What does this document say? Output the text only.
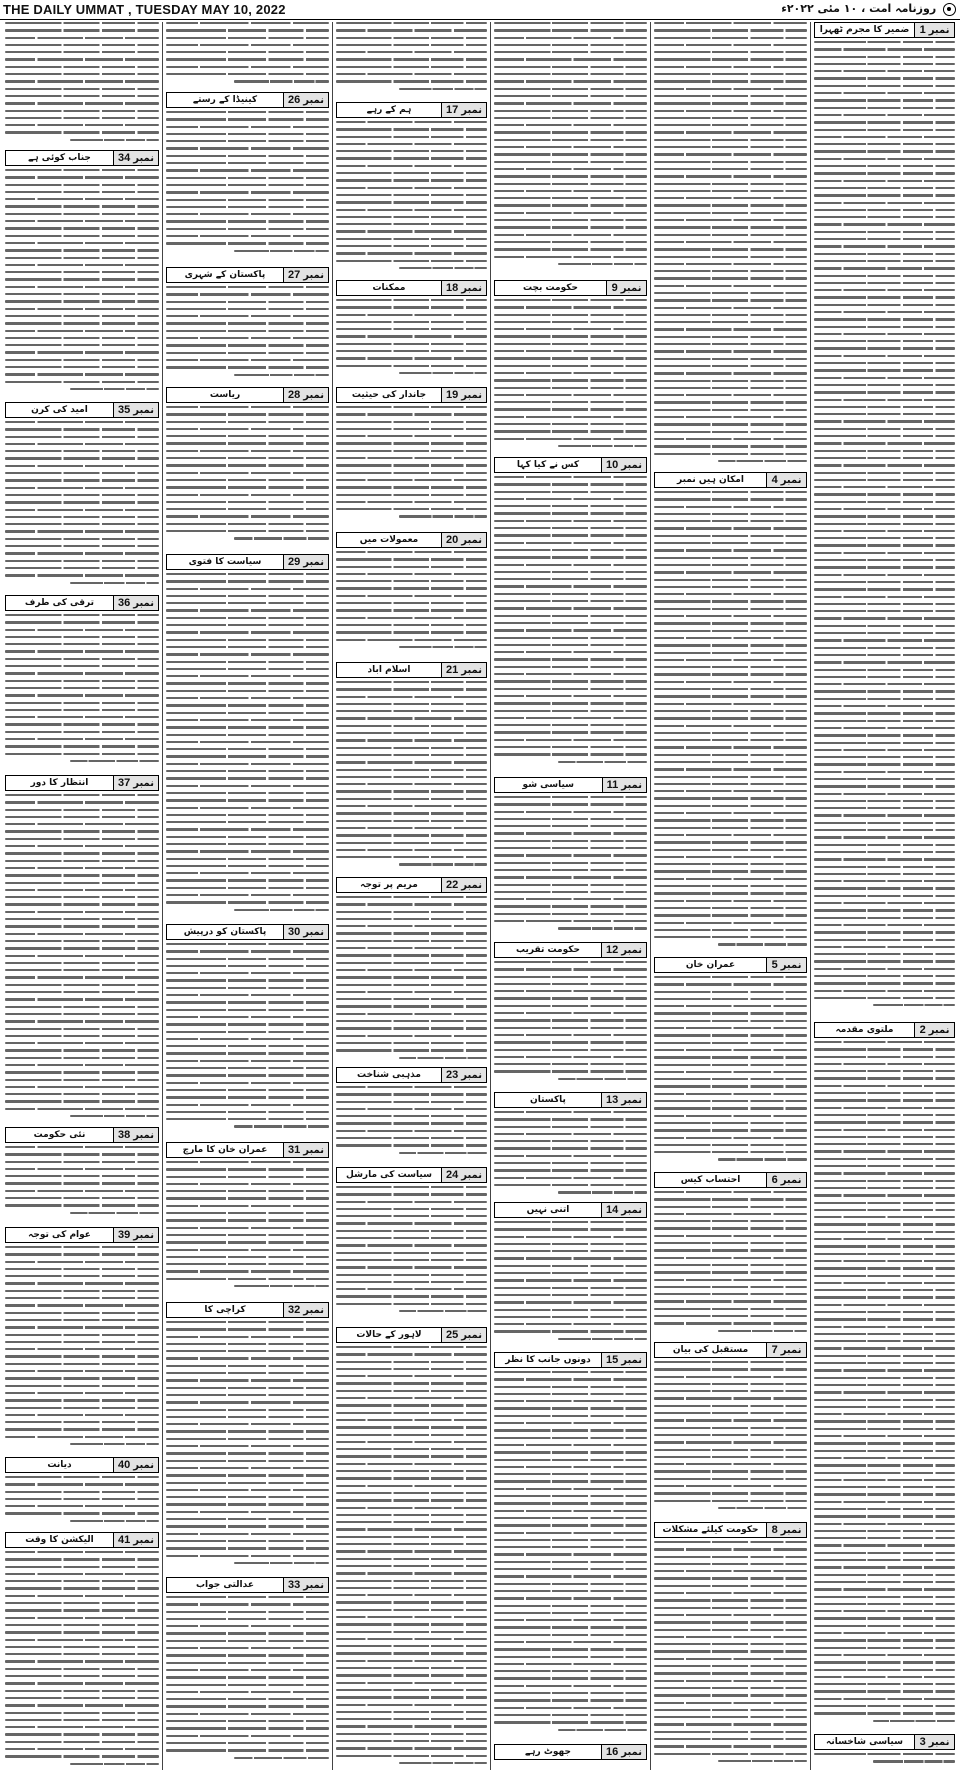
THE DAILY UMMAT , TUESDAY MAY 10, 2022	روزنامہ امت ، ۱۰ مئی ۲۰۲۲ء
نمبر
1
ضمیر کا مجرم ٹھہرا
نمبر
2
ملتوی مقدمہ
نمبر
3
سیاسی شاخسانہ
نمبر
4
امکان ہیں نمبر
نمبر
5
عمران خان
نمبر
6
احتساب کیس
نمبر
7
مستقبل کی بیان
نمبر
8
حکومت کیلئے مشکلات
نمبر
9
حکومت بچت
نمبر
10
کس نے کیا کہا
نمبر
11
سیاسی شو
نمبر
12
حکومت تقریب
نمبر
13
پاکستان
نمبر
14
اتنی نہیں
نمبر
15
دونوں جانب کا نظر
نمبر
16
جھوٹ رہے
نمبر
17
ہم کے رہے
نمبر
18
ممکنات
نمبر
19
جاندار کی حیثیت
نمبر
20
معمولات میں
نمبر
21
اسلام آباد
نمبر
22
مریم پر توجہ
نمبر
23
مذہبی شناخت
نمبر
24
سیاست کی مارشل
نمبر
25
لاہور کے حالات
نمبر
26
کینیڈا کے رستے
نمبر
27
پاکستان کے شہری
نمبر
28
ریاست
نمبر
29
سیاست کا فتوی
نمبر
30
پاکستان کو درپیش
نمبر
31
عمران خان کا مارچ
نمبر
32
کراچی کا
نمبر
33
عدالتی جواب
نمبر
34
جناب کوئی ہے
نمبر
35
امید کی کرن
نمبر
36
ترقی کی طرف
نمبر
37
انتظار کا دور
نمبر
38
نئی حکومت
نمبر
39
عوام کی توجہ
نمبر
40
دیانت
نمبر
41
الیکشن کا وقت
